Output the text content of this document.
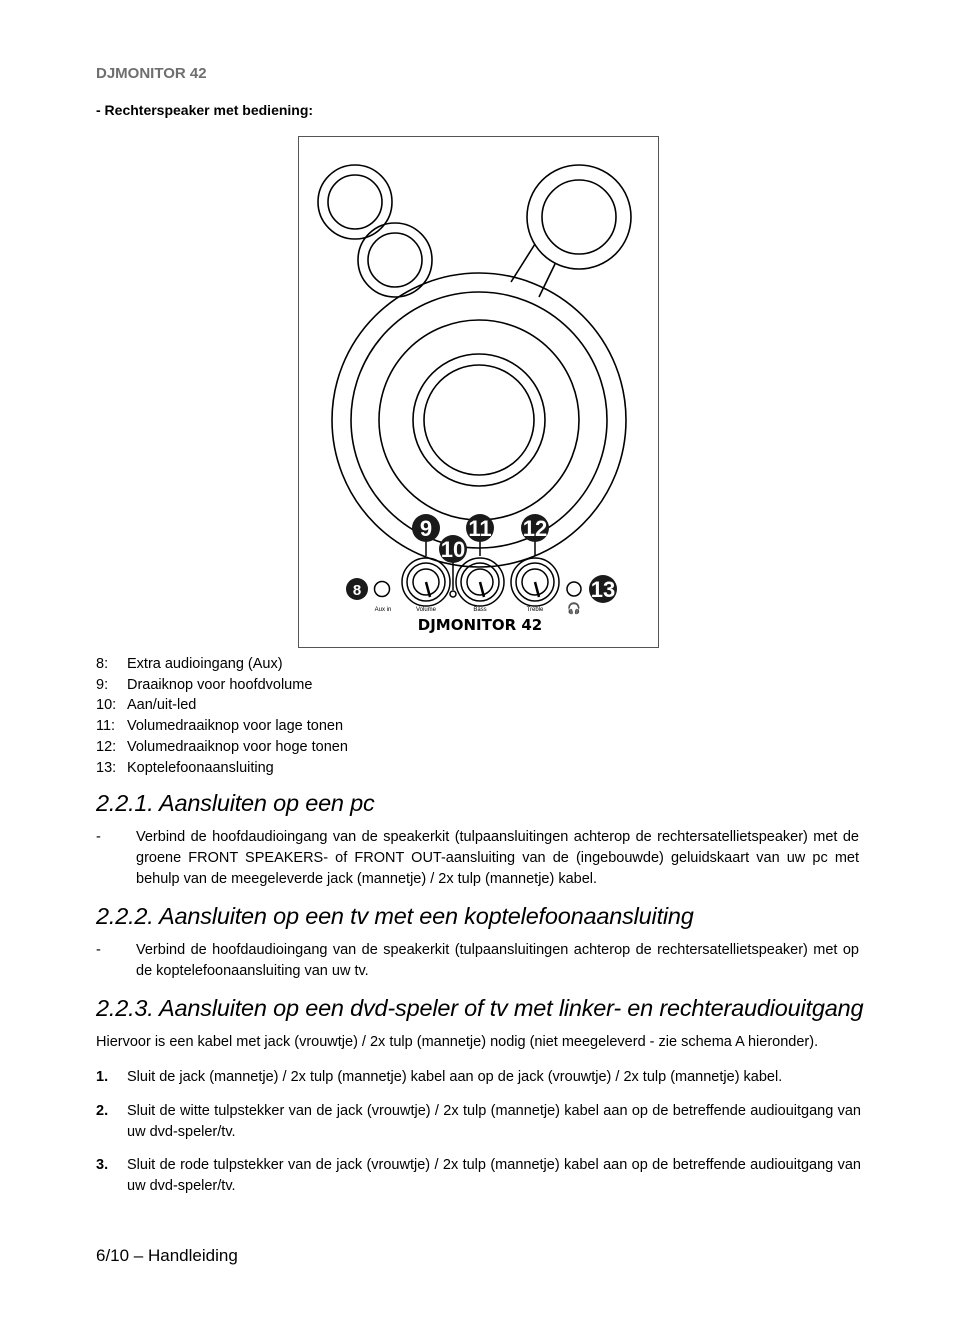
DJMONITOR 42
- Rechterspeaker met bediening:
🎧
8
9 11 12
10
13
Aux in	Volume	Bass	Treble
DJMONITOR 42
8:	Extra audioingang (Aux)
9:	Draaiknop voor hoofdvolume
10: Aan/uit-led
11: Volumedraaiknop voor lage tonen
12: Volumedraaiknop voor hoge tonen
13: Koptelefoonaansluiting
2.2.1. Aansluiten op een pc
-	Verbind de hoofdaudioingang van de speakerkit (tulpaansluitingen achterop de rechtersatellietspeaker) met de groene FRONT SPEAKERS- of FRONT OUT-aansluiting van de (ingebouwde) geluidskaart van uw pc met behulp van de meegeleverde jack (mannetje) / 2x tulp (mannetje) kabel.
2.2.2. Aansluiten op een tv met een koptelefoonaansluiting
-	Verbind de hoofdaudioingang van de speakerkit (tulpaansluitingen achterop de rechtersatellietspeaker) met op de koptelefoonaansluiting van uw tv.
2.2.3. Aansluiten op een dvd-speler of tv met linker- en rechteraudiouitgang
Hiervoor is een kabel met jack (vrouwtje) / 2x tulp (mannetje) nodig (niet meegeleverd - zie schema A hieronder).
1.	Sluit de jack (mannetje) / 2x tulp (mannetje) kabel aan op de jack (vrouwtje) / 2x tulp (mannetje) kabel.
2.	Sluit de witte tulpstekker van de jack (vrouwtje) / 2x tulp (mannetje) kabel aan op de betreffende audiouitgang van uw dvd-speler/tv.
3.	Sluit de rode tulpstekker van de jack (vrouwtje) / 2x tulp (mannetje) kabel aan op de betreffende audiouitgang van uw dvd-speler/tv.
6/10 – Handleiding
